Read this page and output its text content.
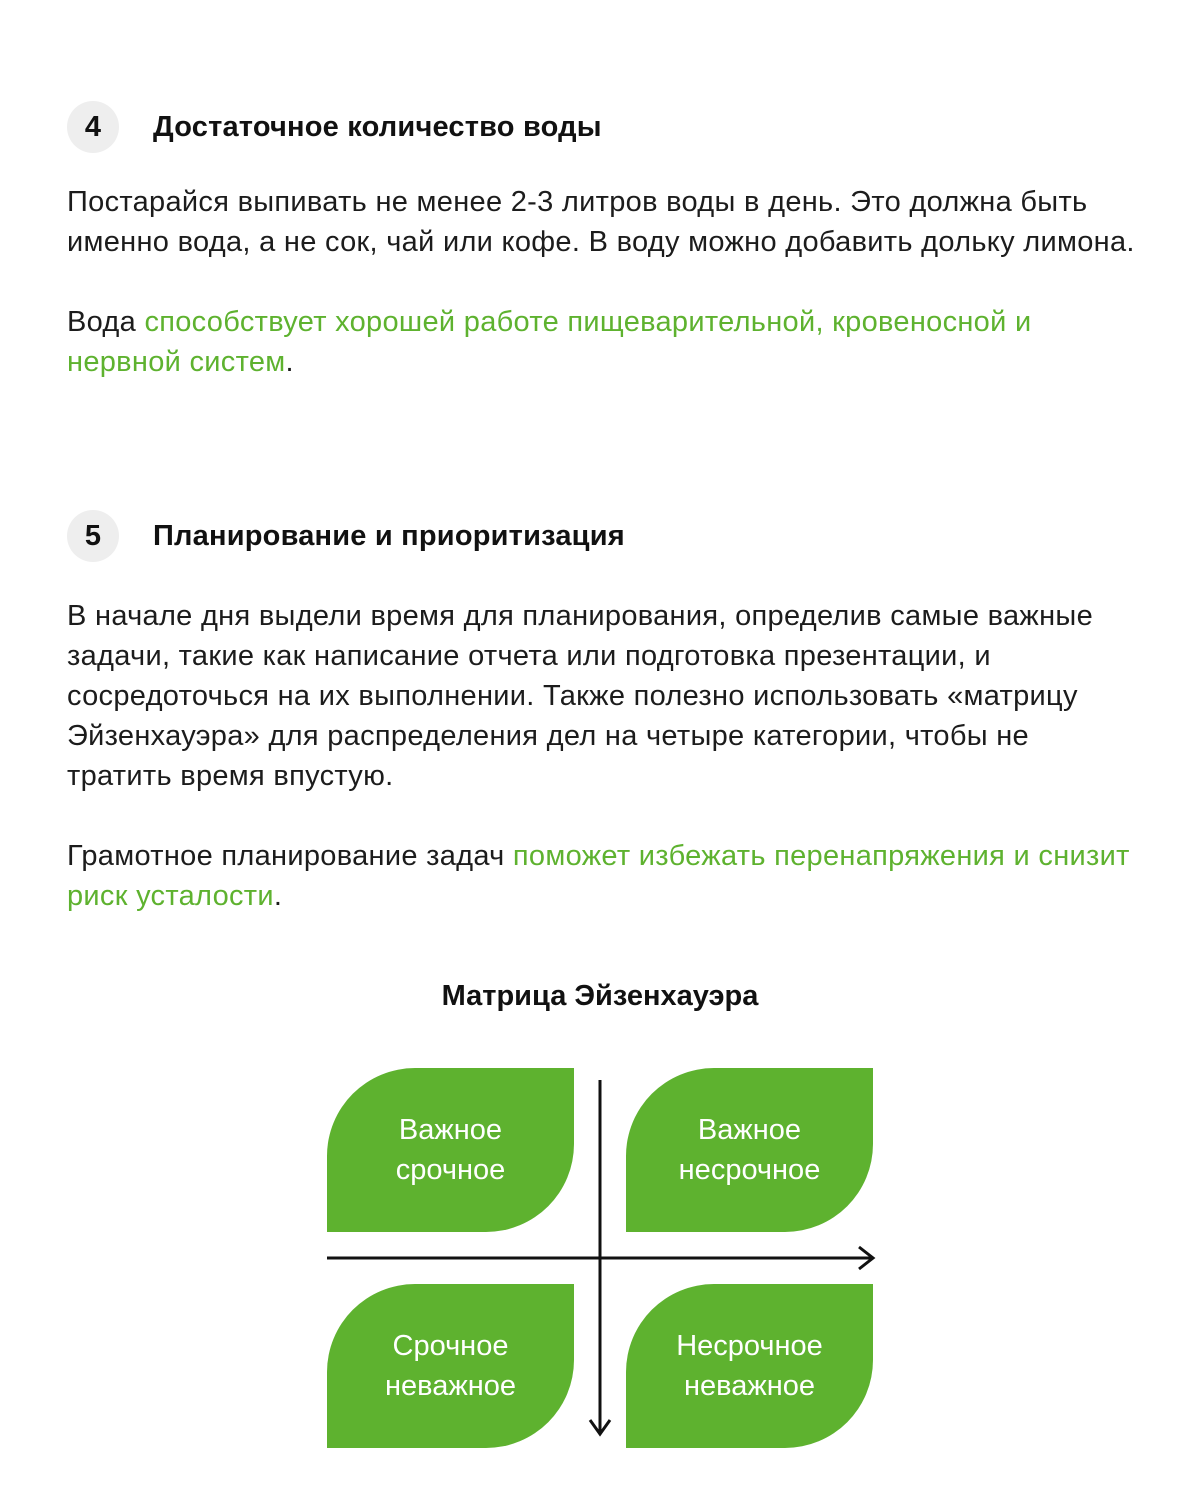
4	Достаточное количество воды

Постарайся выпивать не менее 2-3 литров воды в день. Это должна быть именно вода, а не сок, чай или кофе. В воду можно добавить дольку лимона.

Вода способствует хорошей работе пищеварительной, кровеносной и нервной систем.

5	Планирование и приоритизация

В начале дня выдели время для планирования, определив самые важные задачи, такие как написание отчета или подготовка презентации, и сосредоточься на их выполнении. Также полезно использовать «матрицу Эйзенхауэра» для распределения дел на четыре категории, чтобы не тратить время впустую.

Грамотное планирование задач поможет избежать перенапряжения и снизит риск усталости.

Матрица Эйзенхауэра
Важное
срочное
Важное
несрочное
Срочное
неважное
Несрочное
неважное
